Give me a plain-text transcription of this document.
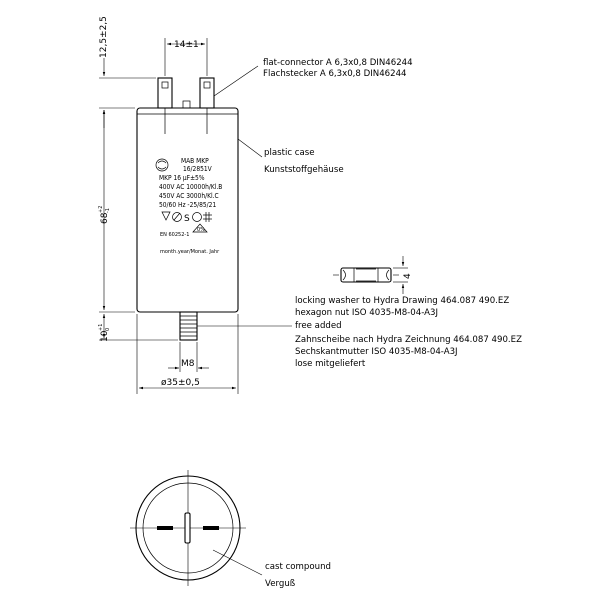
MAB MKP
16/2851V
MKP 16 µF±5%
400V AC 10000h/Kl.B
450V AC 3000h/Kl.C
50/60 Hz -25/85/21
S
0%
EN 60252-1
month.year/Monat. Jahr
12,5±2,5	14±1
68
+2 -1
10
+1 0
M8
ø35±0,5
flat-connector A 6,3x0,8 DIN46244
Flachstecker A 6,3x0,8 DIN46244
plastic case
Kunststoffgehäuse
4
locking washer to Hydra Drawing 464.087 490.EZ
hexagon nut ISO 4035-M8-04-A3J
free added
Zahnscheibe nach Hydra Zeichnung 464.087 490.EZ
Sechskantmutter ISO 4035-M8-04-A3J
lose mitgeliefert
cast compound
Verguß
